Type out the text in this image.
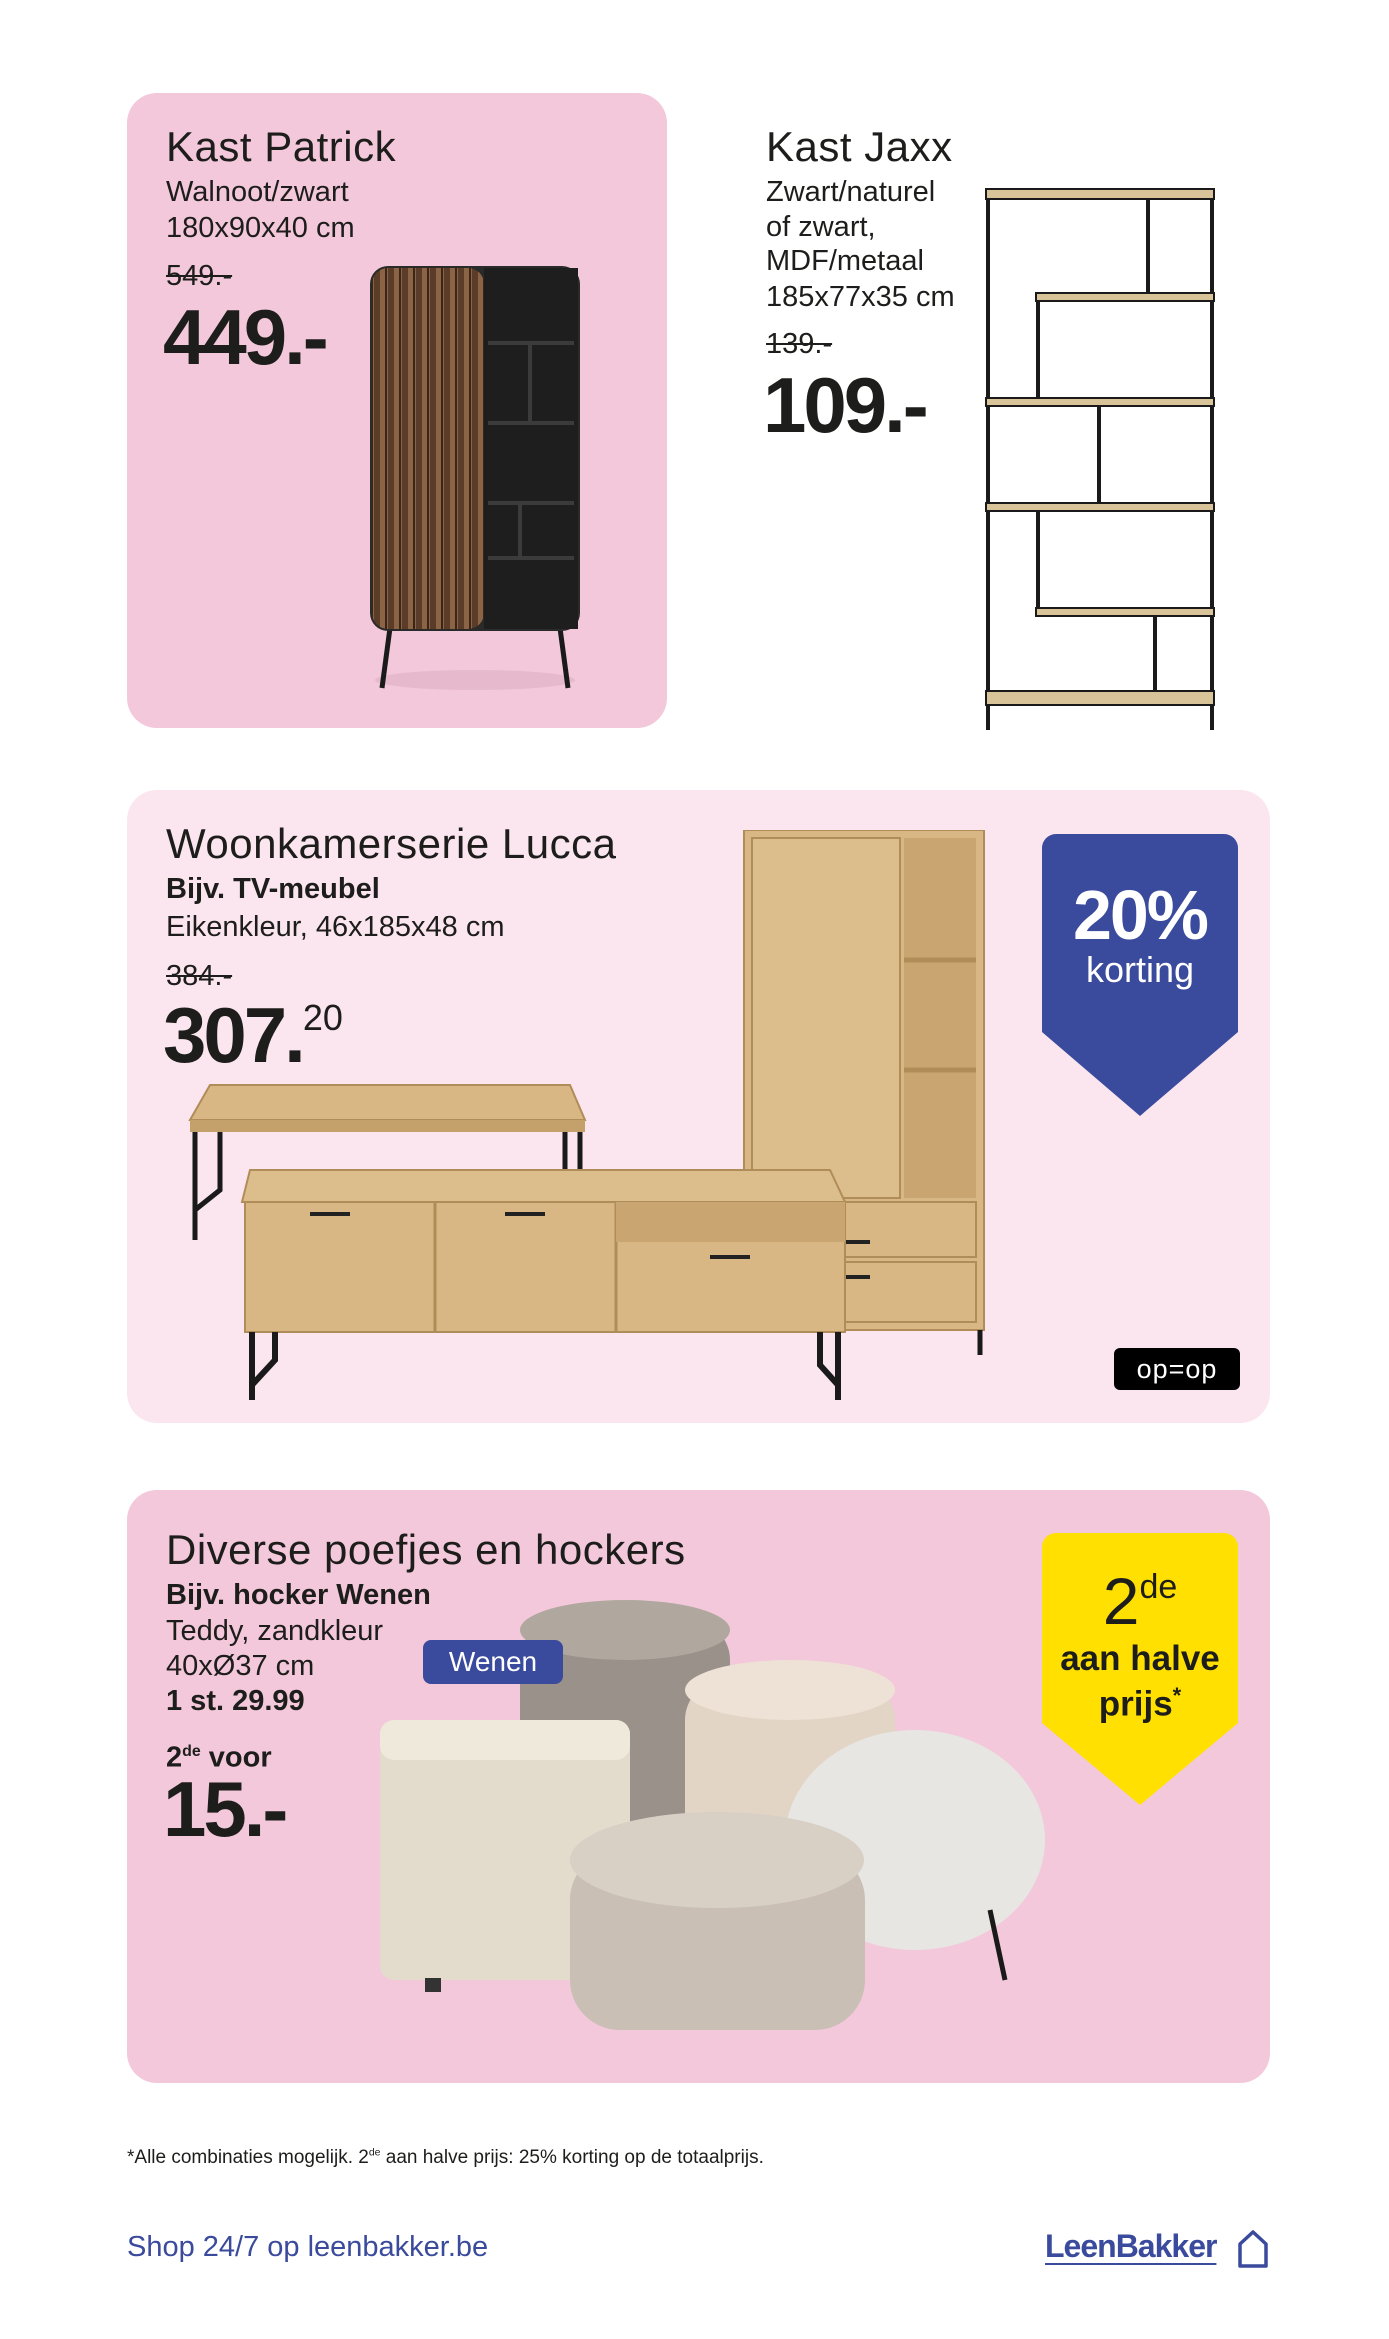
Kast Patrick
Walnoot/zwart
180x90x40 cm
549.-
449.-
Kast Jaxx
Zwart/naturel
of zwart,
MDF/metaal
185x77x35 cm
139.-
109.-
Woonkamerserie Lucca
Bijv. TV-meubel
Eikenkleur, 46x185x48 cm
384.-
307.20
20%
korting
op=op
Diverse poefjes en hockers
Bijv. hocker Wenen
Teddy, zandkleur
40xØ37 cm
1 st. 29.99
2de voor
15.-
Wenen
2de
aan halve
prijs*
*Alle combinaties mogelijk. 2de aan halve prijs: 25% korting op de totaalprijs.
Shop 24/7 op leenbakker.be	LeenBakker
